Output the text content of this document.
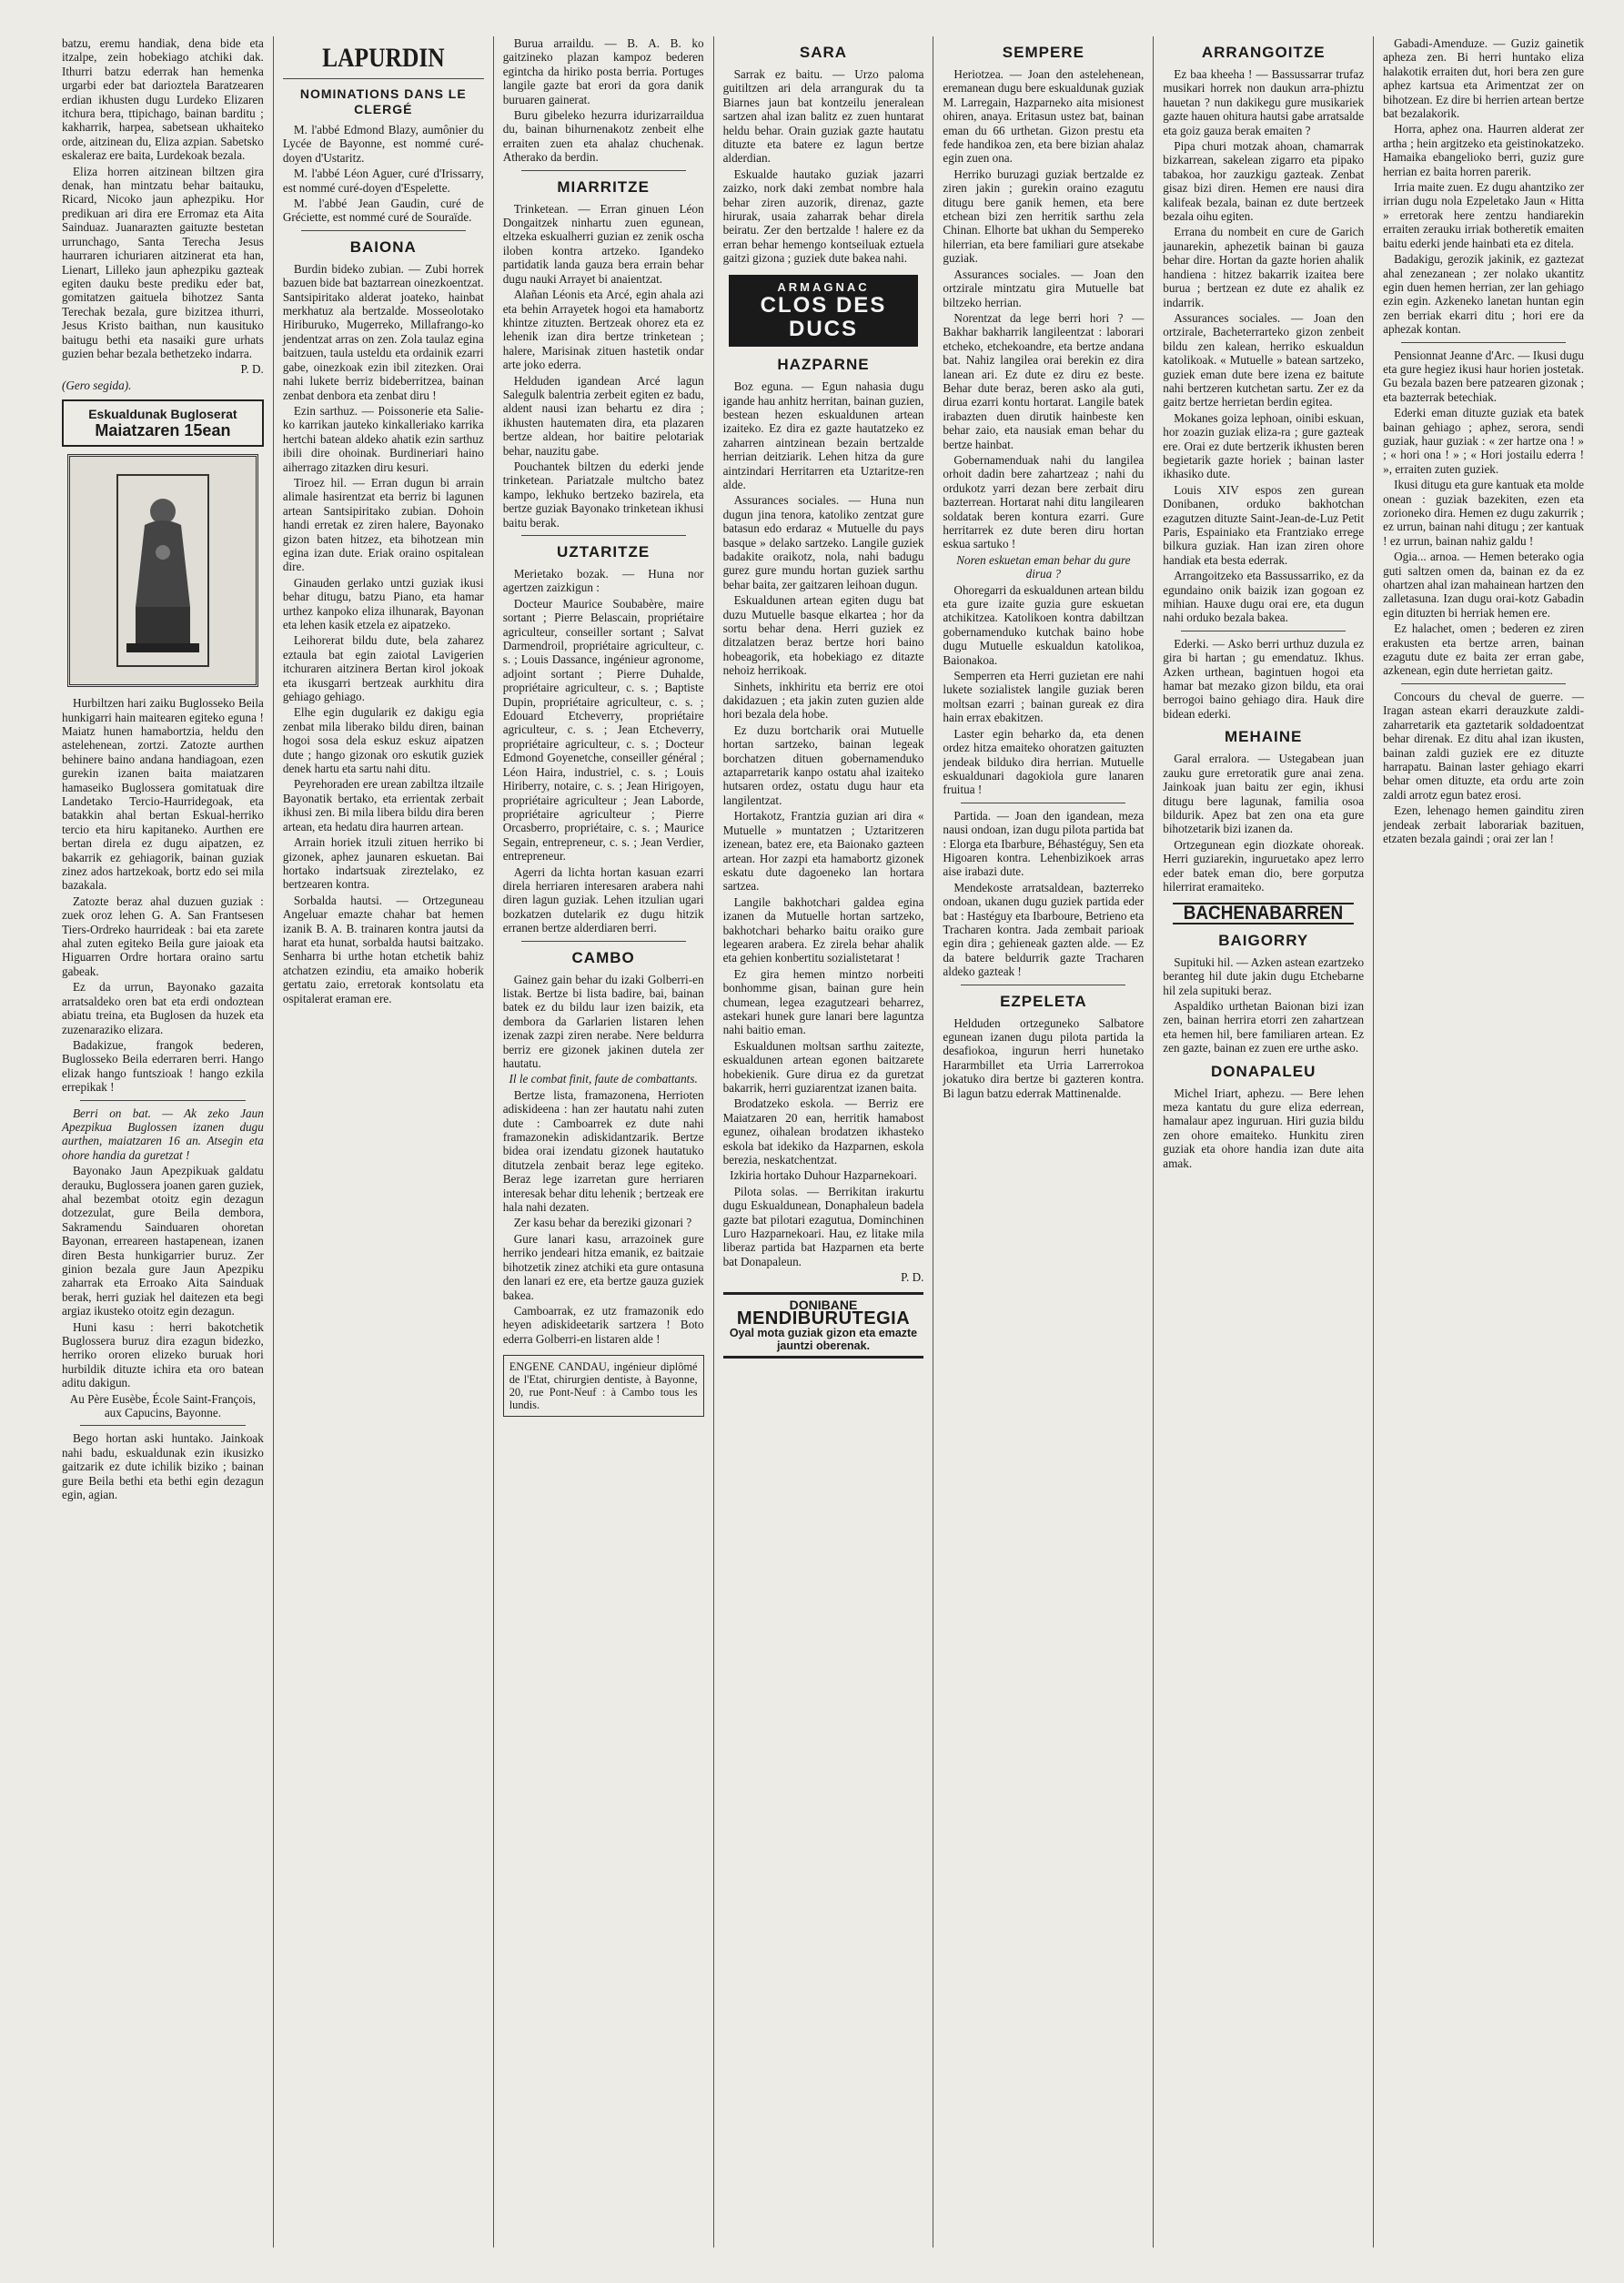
batzu, eremu handiak, dena bide eta itzalpe, zein hobekiago atchiki dak. Ithurri batzu ederrak han hemenka urgarbi eder bat darioztela Baratzearen erdian ikhusten dugu Lurdeko Elizaren itchura bera, ttipichago, bainan barditu ; kakharrik, harpea, sabetsean ukhaiteko orde, aitzinean du, Eliza azpian. Sabetsko eskaleraz ere baita, Lurdekoak bezala.

Eliza horren aitzinean biltzen gira denak, han mintzatu behar baitauku, Ricard, Nicoko jaun aphezpiku. Hor predikuan ari dira ere Erromaz eta Aita Sainduaz. Juanarazten gaituzte bestetan urrunchago, Santa Terecha Jesus haurraren ichuriaren aitzinerat eta han, Lienart, Lilleko jaun aphezpiku gazteak egiten dauku beste prediku eder bat, gomitatzen gaituela bihotzez Santa Terechak bezala, gure bizitzea ithurri, Jesus Kristo baithan, nun kausituko baitugu bethi eta nasaiki gure urhats guzien behar bezala bethetzeko indarra.

P. D.

(Gero segida).

Eskualdunak Bugloserat
Maiatzaren 15ean

Hurbiltzen hari zaiku Buglosseko Beila hunkigarri hain maitearen egiteko eguna ! Maiatz hunen hamabortzia, heldu den astelehenean, zortzi. Zatozte aurthen behinere baino andana handiagoan, ezen gurekin izanen baita maiatzaren hamaseiko Buglossera gomitatuak dire Landetako Tercio-Haurridegoak, eta batakkin ahal bertan Eskual-herriko tercio eta hiru kapitaneko. Aurthen ere bertan direla ez dugu aipatzen, ez bakarrik ez gehiagorik, bainan guziak zinez ados hartzekoak, bortz edo sei mila bazakala.

Zatozte beraz ahal duzuen guziak : zuek oroz lehen G. A. San Frantsesen Tiers-Ordreko haurrideak : bai eta zarete ahal zuten egiteko Beila gure jaioak eta Higuarren Ordre hortara oraino sartu gabeak.

Ez da urrun, Bayonako gazaita arratsaldeko oren bat eta erdi ondoztean abiatu treina, eta Buglosen da huzek eta zuzenaraziko elizara.

Badakizue, frangok bederen, Buglosseko Beila ederraren berri. Hango elizak hango funtszioak ! hango ezkila errepikak !

Berri on bat. — Ak zeko Jaun Apezpikua Buglossen izanen dugu aurthen, maiatzaren 16 an. Atsegin eta ohore handia da guretzat !

Bayonako Jaun Apezpikuak galdatu derauku, Buglossera joanen garen guziek, ahal bezembat otoitz egin dezagun dotzezulat, gure Beila dembora, Sakramendu Sainduaren ohoretan Bayonan, erreareen hastapenean, izanen diren Besta hunkigarrier buruz. Zer ginion bezala gure Jaun Apezpiku zaharrak eta Erroako Aita Sainduak berak, herri guziak hel daitezen eta begi argiaz ikusteko otoitz egin dezagun.

Huni kasu : herri bakotchetik Buglossera buruz dira ezagun bidezko, herriko ororen elizeko buruak hori hurbildik dituzte ichira eta oro batean aditu dakigun.

Au Père Eusèbe, École Saint-François, aux Capucins, Bayonne.

Bego hortan aski huntako. Jainkoak nahi badu, eskualdunak ezin ikusizko gaitzarik ez dute ichilik biziko ; bainan gure Beila bethi eta bethi egin dezagun egin, agian.

LAPURDIN
NOMINATIONS DANS LE CLERGÉ

M. l'abbé Edmond Blazy, aumônier du Lycée de Bayonne, est nommé curé-doyen d'Ustaritz.

M. l'abbé Léon Aguer, curé d'Irissarry, est nommé curé-doyen d'Espelette.

M. l'abbé Jean Gaudin, curé de Gréciette, est nommé curé de Souraïde.

BAIONA

Burdin bideko zubian. — Zubi horrek bazuen bide bat baztarrean oinezkoentzat. Santsipiritako alderat joateko, hainbat merkhatuz ala bertzalde. Mosseolotako Hiriburuko, Mugerreko, Millafrango-ko jendentzat arras on zen. Zola taulaz egina baitzuen, taula usteldu eta ordainik ezarri gabe, oinezkoak ezin ibil zitezken. Orai nahi lukete berriz bideberritzea, bainan zenbat denbora eta zenbat diru !

Ezin sarthuz. — Poissonerie eta Salie-ko karrikan jauteko kinkalleriako karrika hertchi batean aldeko ahatik ezin sarthuz ibili dire ohoinak. Burdineriari haino aiherrago zitazken diru kesuri.

Tiroez hil. — Erran dugun bi arrain alimale hasirentzat eta berriz bi lagunen artean Santsipiritako zubian. Dohoin handi erretak ez ziren halere, Bayonako gizon baten hitzez, eta bihotzean min egina izan dute. Eriak oraino ospitalean dire.

Ginauden gerlako untzi guziak ikusi behar ditugu, batzu Piano, eta hamar urthez kanpoko eliza ilhunarak, Bayonan eta lehen kasik etzela ez aipatzeko.

Leihorerat bildu dute, bela zaharez eztaula bat egin zaiotal Lavigerien itchuraren aitzinera Bertan kirol jokoak eta ikusgarri bertzeak aurkhitu dira gehiago gehiago.

Elhe egin dugularik ez dakigu egia zenbat mila liberako bildu diren, bainan hogoi sosa dela eskuz eskuz aipatzen dute ; hango gizonak oro eskutik guziek denek hartu eta sartu nahi ditu.

Peyrehoraden ere urean zabiltza iltzaile Bayonatik bertako, eta errientak zerbait ikhusi zen. Bi mila libera bildu dira beren artean, eta hedatu dira haurren artean.

Arrain horiek itzuli zituen herriko bi gizonek, aphez jaunaren eskuetan. Bai hortako indartsuak zireztelako, ez bertzearen kontra.

Sorbalda hautsi. — Ortzeguneau Angeluar emazte chahar bat hemen izanik B. A. B. trainaren kontra jautsi da harat eta hunat, sorbalda hautsi baitzako. Senharra bi urthe hotan etchetik bahiz atchatzen ezindiu, eta amaiko hoberik gertatu zaio, erretorak kontsolatu eta ospitalerat eraman ere.

Burua arraildu. — B. A. B. ko gaitzineko plazan kampoz bederen egintcha da hiriko posta berria. Portuges langile gazte bat erori da gora danik buruaren gainerat.

Buru gibeleko hezurra idurizarraildua du, bainan bihurnenakotz zenbeit elhe erraiten zuen eta ahalaz chuchenak. Atherako da berdin.

MIARRITZE

Trinketean. — Erran ginuen Léon Dongaitzek ninhartu zuen egunean, eltzeka eskualherri guzian ez zenik oscha iloben kontra artzeko. Igandeko partidatik landa gauza bera errain behar dugu nauki Arrayet bi anaientzat.

Alañan Léonis eta Arcé, egin ahala azi eta behin Arrayetek hogoi eta hamabortz khintze zituzten. Bertzeak ohorez eta ez lehenik izan dira bertze trinketean ; halere, Marisinak zituen hastetik ondar arte joko ederra.

Helduden igandean Arcé lagun Salegulk balentria zerbeit egiten ez badu, aldent nausi izan behartu ez dira ; ikhusten hautematen dira, eta plazaren bertze aldean, hor baitire pelotariak behar, nauzitu gabe.

Pouchantek biltzen du ederki jende trinketean. Pariatzale multcho batez kampo, lekhuko bertzeko bazirela, eta bertze guziak Bayonako trinketean ikhusi baitu berak.

UZTARITZE

Merietako bozak. — Huna nor agertzen zaizkigun :

Docteur Maurice Soubabère, maire sortant ; Pierre Belascain, propriétaire agriculteur, conseiller sortant ; Salvat Darmendroil, propriétaire agriculteur, c. s. ; Louis Dassance, ingénieur agronome, adjoint sortant ; Pierre Duhalde, propriétaire agriculteur, c. s. ; Baptiste Dupin, propriétaire agriculteur, c. s. ; Edouard Etcheverry, propriétaire agriculteur, c. s. ; Jean Etcheverry, propriétaire agriculteur, c. s. ; Docteur Edmond Goyenetche, conseiller général ; Léon Haira, industriel, c. s. ; Louis Hiriberry, notaire, c. s. ; Jean Hirigoyen, propriétaire agriculteur ; Jean Laborde, propriétaire agriculteur ; Pierre Orcasberro, propriétaire, c. s. ; Maurice Segain, entrepreneur, c. s. ; Jean Verdier, entrepreneur.

Agerri da lichta hortan kasuan ezarri direla herriaren interesaren arabera nahi diren lagun guziak. Lehen itzulian ugari bozkatzen dutelarik ez dugu hitzik erranen bertze alderdiaren berri.

CAMBO

Gainez gain behar du izaki Golberri-en listak. Bertze bi lista badire, bai, bainan batek ez du bildu laur izen baizik, eta dembora da Garlarien listaren lehen izenak zazpi ziren nerabe. Nere beldurra berriz ere gizonek jakinen dutela zer hautatu.

Il le combat finit, faute de combattants.

Bertze lista, framazonena, Herrioten adiskideena : han zer hautatu nahi zuten dute : Camboarrek ez dute nahi framazonekin adiskidantzarik. Bertze bidea orai izendatu gizonek hautatuko ditutzela zenbait beraz lege egiteko. Beraz lege izarretan gure herriaren interesak behar ditu lehenik ; bertzeak ere hala nahi dezaten.

Zer kasu behar da bereziki gizonari ?

Gure lanari kasu, arrazoinek gure herriko jendeari hitza emanik, ez baitzaie bihotzetik zinez atchiki eta gure ontasuna den lanari ez ere, eta bertze gauza guziek bakea.

Camboarrak, ez utz framazonik edo heyen adiskideetarik sartzera ! Boto ederra Golberri-en listaren alde !

ENGENE CANDAU, ingénieur diplômé de l'Etat, chirurgien dentiste, à Bayonne, 20, rue Pont-Neuf : à Cambo tous les lundis.
SARA

Sarrak ez baitu. — Urzo paloma guitiltzen ari dela arrangurak du ta Biarnes jaun bat kontzeilu jeneralean sartzen ahal izan balitz ez zuen huntarat heldu behar. Orain guziak gazte hautatu dituzte eta batere ez lagun bertze alderdian.

Eskualde hautako guziak jazarri zaizko, nork daki zembat nombre hala behar ziren auzorik, direnaz, gazte hirurak, usaia zaharrak behar direla beiratu. Zer den bertzalde ! halere ez da erran behar hemengo kontseiluak eztuela gaitzi gizona ; guziek dute bakea nahi.

ARMAGNAC
CLOS DES DUCS
HAZPARNE

Boz eguna. — Egun nahasia dugu igande hau anhitz herritan, bainan guzien, bestean hezen eskualdunen artean izaiteko. Ez dira ez gazte hautatzeko ez zaharren aintzinean bezain bertzalde herrian deitziarik. Lehen hitza da gure aintzindari Herritarren eta Uztaritze-ren alde.

Assurances sociales. — Huna nun dugun jina tenora, katoliko zentzat gure batasun edo erdaraz « Mutuelle du pays basque » delako sartzeko. Langile guziek badakite oraikotz, nola, nahi badugu gurez gure mundu hortan guziek sarthu behar baita, zer gaitzaren leihoan dugun.

Eskualdunen artean egiten dugu bat duzu Mutuelle basque elkartea ; hor da sortu behar dena. Herri guziek ez ditzalatzen beraz bertze hori baino hobeagorik, eta hobekiago ez ditazte nehoiz herrikoak.

Sinhets, inkhiritu eta berriz ere otoi dakidazuen ; eta jakin zuten guzien alde hori bezala dela hobe.

Ez duzu bortcharik orai Mutuelle hortan sartzeko, bainan legeak borchatzen dituen gobernamenduko aztaparretarik kanpo ostatu ahal izaiteko hutsaren ordez, ostatu dugu haur eta langilentzat.

Hortakotz, Frantzia guzian ari dira « Mutuelle » muntatzen ; Uztaritzeren izenean, batez ere, eta Baionako gazteen artean. Hor zazpi eta hamabortz gizonek eskatu dute dagoeneko lan hortara sartzea.

Langile bakhotchari galdea egina izanen da Mutuelle hortan sartzeko, bakhotchari beharko baitu oraiko gure legearen arabera. Ez zirela behar ahalik eta gehien konbertitu sozialistetarat !

Ez gira hemen mintzo norbeiti bonhomme gisan, bainan gure hein chumean, legea ezagutzeari beharrez, astekari hunek gure lanari bere laguntza nahi baitio eman.

Eskualdunen moltsan sarthu zaitezte, eskualdunen artean egonen baitzarete hobekienik. Gure dirua ez da guretzat bakarrik, herri guziarentzat izanen baita.

Brodatzeko eskola. — Berriz ere Maiatzaren 20 ean, herritik hamabost egunez, oihalean brodatzen ikhasteko eskola bat idekiko da Hazparnen, eskola berezia, neskatchentzat.

Izkiria hortako Duhour Hazparnekoari.

Pilota solas. — Berrikitan irakurtu dugu Eskualdunean, Donaphaleun badela gazte bat pilotari ezagutua, Dominchinen Luro Hazparnekoari. Hau, ez litake mila liberaz partida bat Hazparnen eta berte bat Donapaleun.

P. D.

DONIBANE
MENDIBURUTEGIA
Oyal mota guziak gizon eta emazte jauntzi oberenak.
SEMPERE

Heriotzea. — Joan den astelehenean, eremanean dugu bere eskualdunak guziak M. Larregain, Hazparneko aita misionest ohiren, anaya. Eritasun ustez bat, bainan eman du 66 urthetan. Gizon prestu eta fede handikoa zen, eta bere bizian ahalaz egin zuen ona.

Herriko buruzagi guziak bertzalde ez ziren jakin ; gurekin oraino ezagutu ditugu bere ganik hemen, eta bere etchean bizi zen herritik sarthu zela Chinan. Elhorte bat ukhan du Sempereko hilerrian, eta bere familiari gure atsekabe guziak.

Assurances sociales. — Joan den ortzirale mintzatu gira Mutuelle bat biltzeko herrian.

Norentzat da lege berri hori ? — Bakhar bakharrik langileentzat : laborari etcheko, etchekoandre, eta bertze andana bat. Nahiz langilea orai berekin ez dira lanean ari. Ez dute ez diru ez beste. Behar dute beraz, beren asko ala guti, dirua ezarri kontu hortarat. Langile batek irabazten duen dirutik hainbeste ken behar zaio, eta nausiak eman behar du bertze hainbat.

Gobernamenduak nahi du langilea orhoit dadin bere zahartzeaz ; nahi du ordukotz yarri dezan bere zerbait diru bazterrean. Hortarat nahi ditu langilearen soldatak beren kontura ezarri. Gure herritarrek ez dute beren diru hortan eskua sartuko !

Noren eskuetan eman behar du gure dirua ?

Ohoregarri da eskualdunen artean bildu eta gure izaite guzia gure eskuetan atchikitzea. Katolikoen kontra dabiltzan gobernamenduko kutchak baino hobe dugu Mutuelle eskualdun katolikoa, Baionakoa.

Semperren eta Herri guzietan ere nahi lukete sozialistek langile guziak beren moltsan ezarri ; bainan gureak ez dira hain errax ebakitzen.

Laster egin beharko da, eta denen ordez hitza emaiteko ohoratzen gaituzten jendeak bilduko dira herrian. Mutuelle eskualdunari dagokiola gure lanaren fruitua !

Partida. — Joan den igandean, meza nausi ondoan, izan dugu pilota partida bat : Elorga eta Ibarbure, Béhastéguy, Sen eta Higoaren kontra. Lehenbizikoek arras aise irabazi dute.

Mendekoste arratsaldean, bazterreko ondoan, ukanen dugu guziek partida eder bat : Hastéguy eta Ibarboure, Betrieno eta Tracharen kontra. Jada zembait parioak egin dira ; gehieneak gazten alde. — Ez da batere beldurrik gazte Tracharen aldeko gazteak !

EZPELETA

Helduden ortzeguneko Salbatore egunean izanen dugu pilota partida la desafiokoa, ingurun herri hunetako Hararmbillet eta Urria Larrerrokoa jokatuko dira bertze bi gazteren kontra. Bi lagun batzu ederrak Mattinenalde.

ARRANGOITZE

Ez baa kheeha ! — Bassussarrar trufaz musikari horrek non daukun arra-phiztu hauetan ? nun dakikegu gure musikariek gazte hauen ohitura hautsi gabe arratsalde eta goiz gauza berak emaiten ?

Pipa churi motzak ahoan, chamarrak bizkarrean, sakelean zigarro eta pipako tabakoa, hor zauzkigu gazteak. Zenbat gisaz bizi diren. Hemen ere nausi dira kalifeak bezala, bainan ez dute bertzeek bezala oihu egiten.

Errana du nombeit en cure de Garich jaunarekin, aphezetik bainan bi gauza behar dire. Hortan da gazte horien ahalik handiena : hitzez bakarrik izaitea bere burua ; bertzean ez dute ez ahalik ez indarrik.

Assurances sociales. — Joan den ortzirale, Bacheterrarteko gizon zenbeit bildu zen kalean, herriko eskualdun katolikoak. « Mutuelle » batean sartzeko, guziek eman dute bere izena ez baitute nahi bertzeren kutchetan sartu. Zer ez da gaitz bertze herrietan berdin egitea.

Mokanes goiza lephoan, oinibi eskuan, hor zoazin guziak eliza-ra ; gure gazteak ere. Orai ez dute bertzerik ikhusten beren begietarik gazte horiek ; bainan laster ikhasiko dute.

Louis XIV espos zen gurean Donibanen, orduko bakhotchan ezagutzen dituzte Saint-Jean-de-Luz Petit Paris, Espainiako eta Frantziako errege bilkura guziak. Han izan ziren ohore handiak eta besta ederrak.

Arrangoitzeko eta Bassussarriko, ez da egundaino onik baizik izan gogoan ez mihian. Hauxe dugu orai ere, eta dugun nahi orduko bezala bakea.

Ederki. — Asko berri urthuz duzula ez gira bi hartan ; gu emendatuz. Ikhus. Azken urthean, bagintuen hogoi eta hamar bat mezako gizon bildu, eta orai berrogoi baino gehiago dira. Hauk dire bidean ederki.

MEHAINE

Garal erralora. — Ustegabean juan zauku gure erretoratik gure anai zena. Jainkoak juan baitu zer egin, ikhusi ditugu bere lagunak, familia osoa bildurik. Apez bat zen ona eta gure bihotzetarik bizi izanen da.

Ortzegunean egin diozkate ohoreak. Herri guziarekin, inguruetako apez lerro eder batek eman dio, bere gorputza hilerrirat eramaiteko.

BACHENABARREN
BAIGORRY

Supituki hil. — Azken astean ezartzeko beranteg hil dute jakin dugu Etchebarne hil zela supituki beraz.

Aspaldiko urthetan Baionan bizi izan zen, bainan herrira etorri zen zahartzean eta hemen hil, bere familiaren artean. Ez zen gazte, bainan ez zuen ere urthe asko.

DONAPALEU

Michel Iriart, aphezu. — Bere lehen meza kantatu du gure eliza ederrean, hamalaur apez inguruan. Hiri guzia bildu zen ohore emaiteko. Hunkitu ziren guziak eta ohore handia izan dute aita amak.

Gabadi-Amenduze. — Guziz gainetik apheza zen. Bi herri huntako eliza halakotik erraiten dut, hori bera zen gure aphez kartsua eta Arimentzat zer on bihotzean. Ez dire bi herrien artean bertze bat bezalakorik.

Horra, aphez ona. Haurren alderat zer artha ; hein argitzeko eta geistinokatzeko. Hamaika ebangelioko berri, guziz gure herrian ez baita horren parerik.

Irria maite zuen. Ez dugu ahantziko zer irrian dugu nola Ezpeletako Jaun « Hitta » erretorak here zentzu handiarekin erraiten zerauku irriak botheretik emaiten baitu ederki jende hainbati eta ez ditela.

Badakigu, gerozik jakinik, ez gaztezat ahal zenezanean ; zer nolako ukantitz egin duen hemen herrian, zer lan gehiago ezin egin. Azkeneko lanetan huntan egin zen berriak ekarri ditu ; hori ere da aphezak kontan.

Pensionnat Jeanne d'Arc. — Ikusi dugu eta gure hegiez ikusi haur horien jostetak. Gu bezala bazen bere patzearen gizonak ; eta bazterrak betechiak.

Ederki eman dituzte guziak eta batek bainan gehiago ; aphez, serora, sendi guziak, haur guziak : « zer hartze ona ! » ; « hori ona ! » ; « Hori jostailu ederra ! », erraiten zuten guziek.

Ikusi ditugu eta gure kantuak eta molde onean : guziak bazekiten, ezen eta zorioneko dira. Hemen ez dugu zakurrik ; ez urrun, bainan nahi ditugu ; zer kantuak ! ez urrun, bainan nahiz galdu !

Ogia... arnoa. — Hemen beterako ogia guti saltzen omen da, bainan ez da ez ohartzen ahal izan mahainean hartzen den zalletasuna. Izan dugu orai-kotz Gabadin egin dituzten bi herriak hemen ere.

Ez halachet, omen ; bederen ez ziren erakusten eta bertze arren, bainan ezagutu dute ez baita zer erran gabe, azkenean, egin dute herrietan gaitz.

Concours du cheval de guerre. — Iragan astean ekarri derauzkute zaldi-zaharretarik eta gaztetarik soldadoentzat behar direnak. Ez ditu ahal izan ikusten, bainan zaldi guziek ere ez dituzte harrapatu. Bainan laster gehiago ekarri behar omen dituzte, eta ordu arte zoin zaldi arrotz egun batez erosi.

Ezen, lehenago hemen gainditu ziren jendeak zerbait laborariak bazituen, etzaten bezala gaindi ; orai zer lan !
